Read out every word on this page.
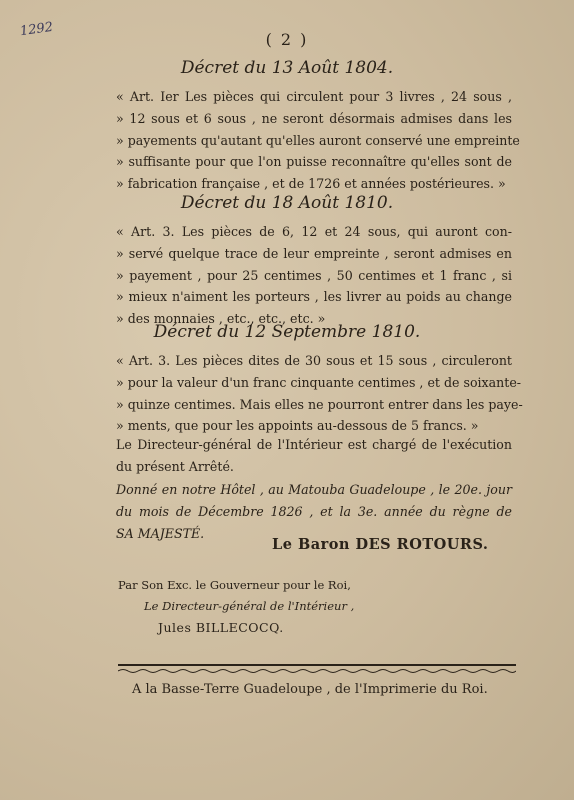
1292
( 2 )
Décret du 13 Août 1804.
« Art. Ier Les pièces qui circulent pour 3 livres , 24 sous ,
» 12 sous et 6 sous , ne seront désormais admises dans les
» payements qu'autant qu'elles auront conservé une empreinte
» suffisante pour que l'on puisse reconnaître qu'elles sont de
» fabrication française , et de 1726 et années postérieures. »
Décret du 18 Août 1810.
« Art. 3. Les pièces de 6, 12 et 24 sous, qui auront con-
» servé quelque trace de leur empreinte , seront admises en
» payement , pour 25 centimes , 50 centimes et 1 franc , si
» mieux n'aiment les porteurs , les livrer au poids au change
» des monnaies , etc., etc., etc. »
Décret du 12 Septembre 1810.
« Art. 3. Les pièces dites de 30 sous et 15 sous , circuleront
» pour la valeur d'un franc cinquante centimes , et de soixante-
» quinze centimes. Mais elles ne pourront entrer dans les paye-
» ments, que pour les appoints au-dessous de 5 francs. »
Le Directeur-général de l'Intérieur est chargé de l'exécution
du présent Arrêté.
Donné en notre Hôtel , au Matouba Guadeloupe , le 20e. jour
du mois de Décembre 1826 , et la 3e. année du règne de
SA MAJESTÉ.
Le Baron DES ROTOURS.
Par Son Exc. le Gouverneur pour le Roi,
Le Directeur-général de l'Intérieur ,
Jules BILLECOCQ.
A la Basse-Terre Guadeloupe , de l'Imprimerie du Roi.
